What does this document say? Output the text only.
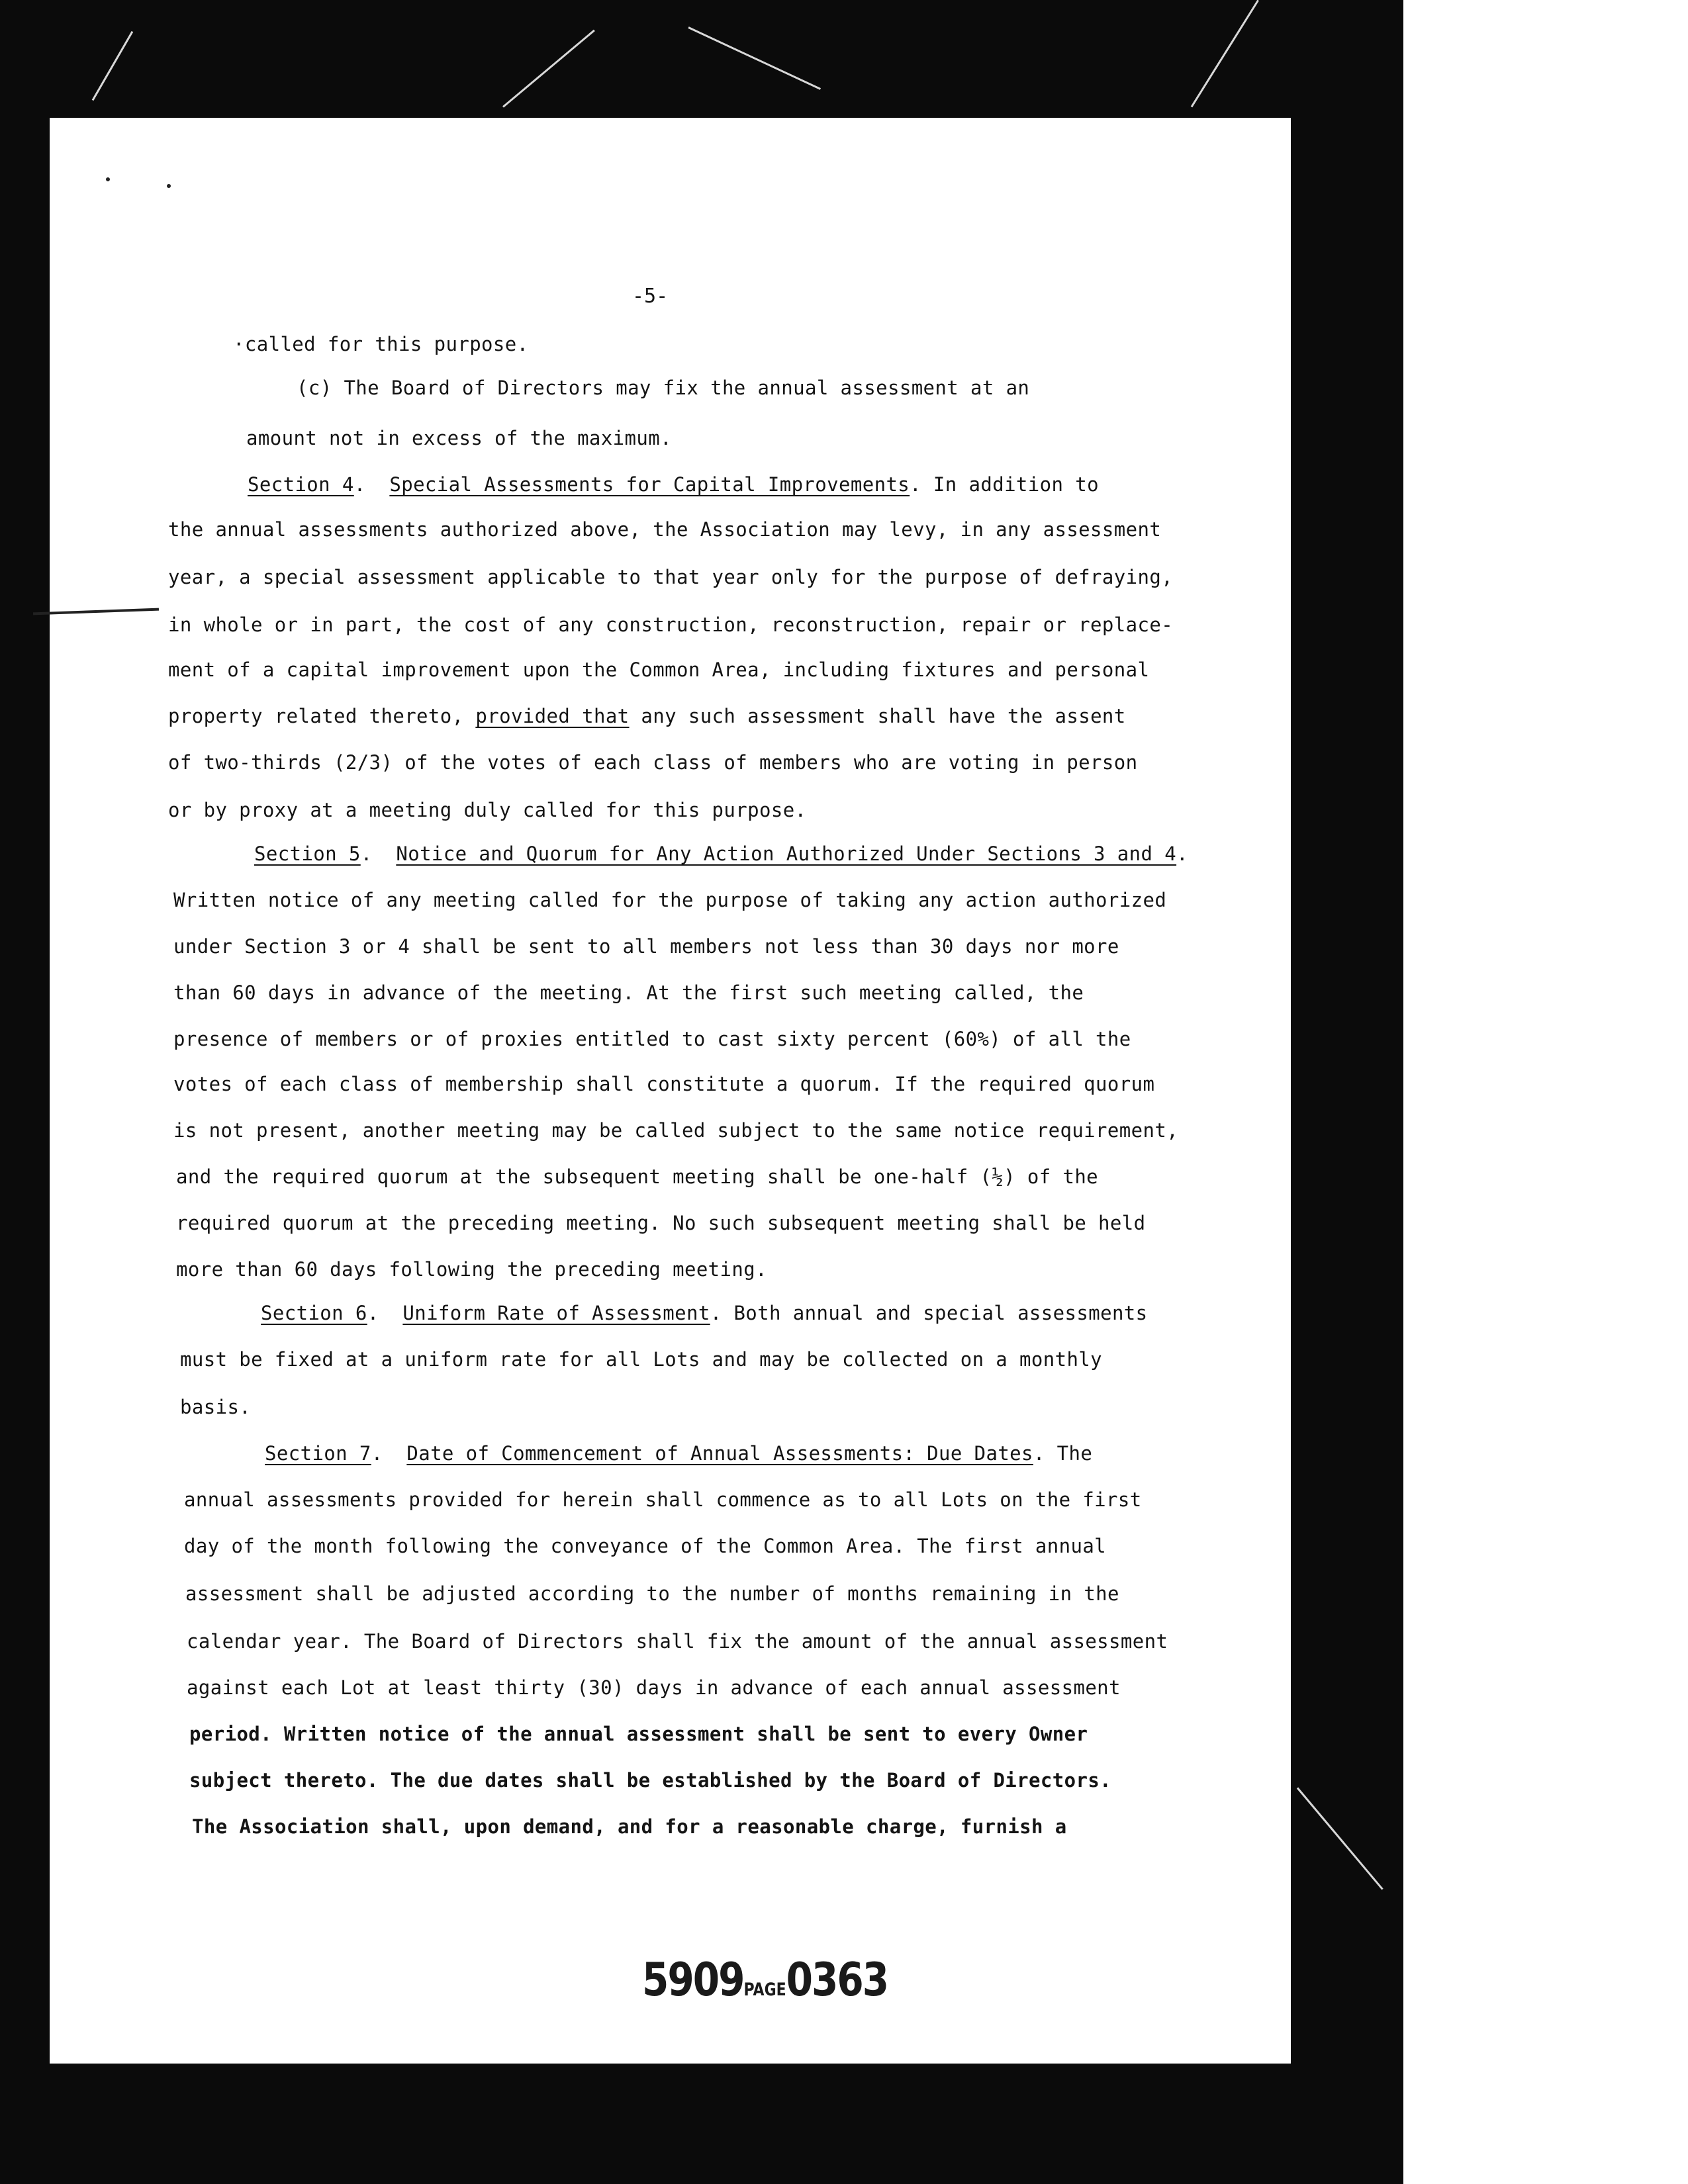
-5-
·called for this purpose.
(c) The Board of Directors may fix the annual assessment at an
amount not in excess of the maximum.
Section 4.  Special Assessments for Capital Improvements. In addition to
the annual assessments authorized above, the Association may levy, in any assessment
year, a special assessment applicable to that year only for the purpose of defraying,
in whole or in part, the cost of any construction, reconstruction, repair or replace-
ment of a capital improvement upon the Common Area, including fixtures and personal
property related thereto, provided that any such assessment shall have the assent
of two-thirds (2/3) of the votes of each class of members who are voting in person
or by proxy at a meeting duly called for this purpose.
Section 5.  Notice and Quorum for Any Action Authorized Under Sections 3 and 4.
Written notice of any meeting called for the purpose of taking any action authorized
under Section 3 or 4 shall be sent to all members not less than 30 days nor more
than 60 days in advance of the meeting. At the first such meeting called, the
presence of members or of proxies entitled to cast sixty percent (60%) of all the
votes of each class of membership shall constitute a quorum. If the required quorum
is not present, another meeting may be called subject to the same notice requirement,
and the required quorum at the subsequent meeting shall be one-half (½) of the
required quorum at the preceding meeting. No such subsequent meeting shall be held
more than 60 days following the preceding meeting.
Section 6.  Uniform Rate of Assessment. Both annual and special assessments
must be fixed at a uniform rate for all Lots and may be collected on a monthly
basis.
Section 7.  Date of Commencement of Annual Assessments: Due Dates. The
annual assessments provided for herein shall commence as to all Lots on the first
day of the month following the conveyance of the Common Area. The first annual
assessment shall be adjusted according to the number of months remaining in the
calendar year. The Board of Directors shall fix the amount of the annual assessment
against each Lot at least thirty (30) days in advance of each annual assessment
period. Written notice of the annual assessment shall be sent to every Owner
subject thereto. The due dates shall be established by the Board of Directors.
The Association shall, upon demand, and for a reasonable charge, furnish a
5909PAGE0363
